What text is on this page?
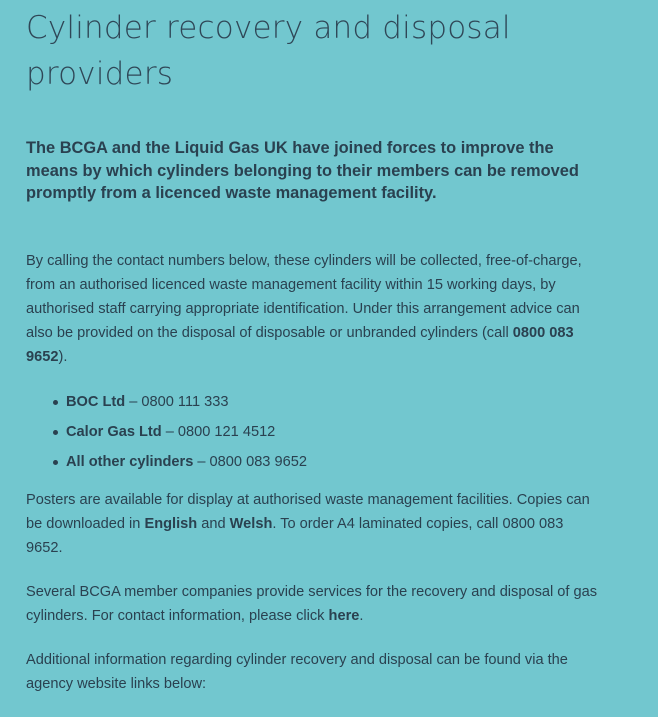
Cylinder recovery and disposal providers
The BCGA and the Liquid Gas UK have joined forces to improve the means by which cylinders belonging to their members can be removed promptly from a licenced waste management facility.

By calling the contact numbers below, these cylinders will be collected, free-of-charge, from an authorised licenced waste management facility within 15 working days, by authorised staff carrying appropriate identification. Under this arrangement advice can also be provided on the disposal of disposable or unbranded cylinders (call 0800 083 9652).

BOC Ltd – 0800 111 333
Calor Gas Ltd – 0800 121 4512
All other cylinders – 0800 083 9652

Posters are available for display at authorised waste management facilities. Copies can be downloaded in English and Welsh. To order A4 laminated copies, call 0800 083 9652.

Several BCGA member companies provide services for the recovery and disposal of gas cylinders. For contact information, please click here.

Additional information regarding cylinder recovery and disposal can be found via the agency website links below:
